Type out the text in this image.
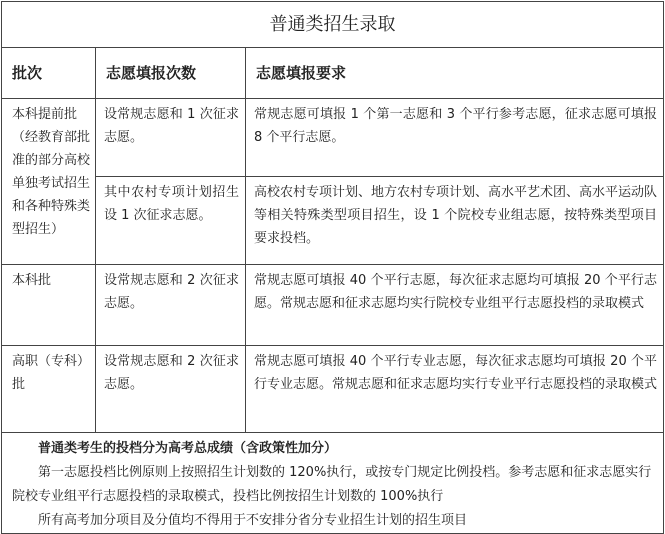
普通类招生录取		
批次	志愿填报次数	志愿填报要求
本科提前批（经教育部批准的部分高校单独考试招生和各种特殊类型招生）	设常规志愿和 1 次征求志愿。	常规志愿可填报 1 个第一志愿和 3 个平行参考志愿，征求志愿可填报 8 个平行志愿。
	其中农村专项计划招生设 1 次征求志愿。	高校农村专项计划、地方农村专项计划、高水平艺术团、高水平运动队等相关特殊类型项目招生，设 1 个院校专业组志愿，按特殊类型项目要求投档。
本科批	设常规志愿和 2 次征求志愿。	常规志愿可填报 40 个平行志愿，每次征求志愿均可填报 20 个平行志愿。常规志愿和征求志愿均实行院校专业组平行志愿投档的录取模式
高职（专科）批	设常规志愿和 2 次征求志愿。	常规志愿可填报 40 个平行专业志愿，每次征求志愿均可填报 20 个平行专业志愿。常规志愿和征求志愿均实行专业平行志愿投档的录取模式

普通类考生的投档分为高考总成绩（含政策性加分）
第一志愿投档比例原则上按照招生计划数的 120%执行，或按专门规定比例投档。参考志愿和征求志愿实行院校专业组平行志愿投档的录取模式，投档比例按招生计划数的 100%执行
所有高考加分项目及分值均不得用于不安排分省分专业招生计划的招生项目		
